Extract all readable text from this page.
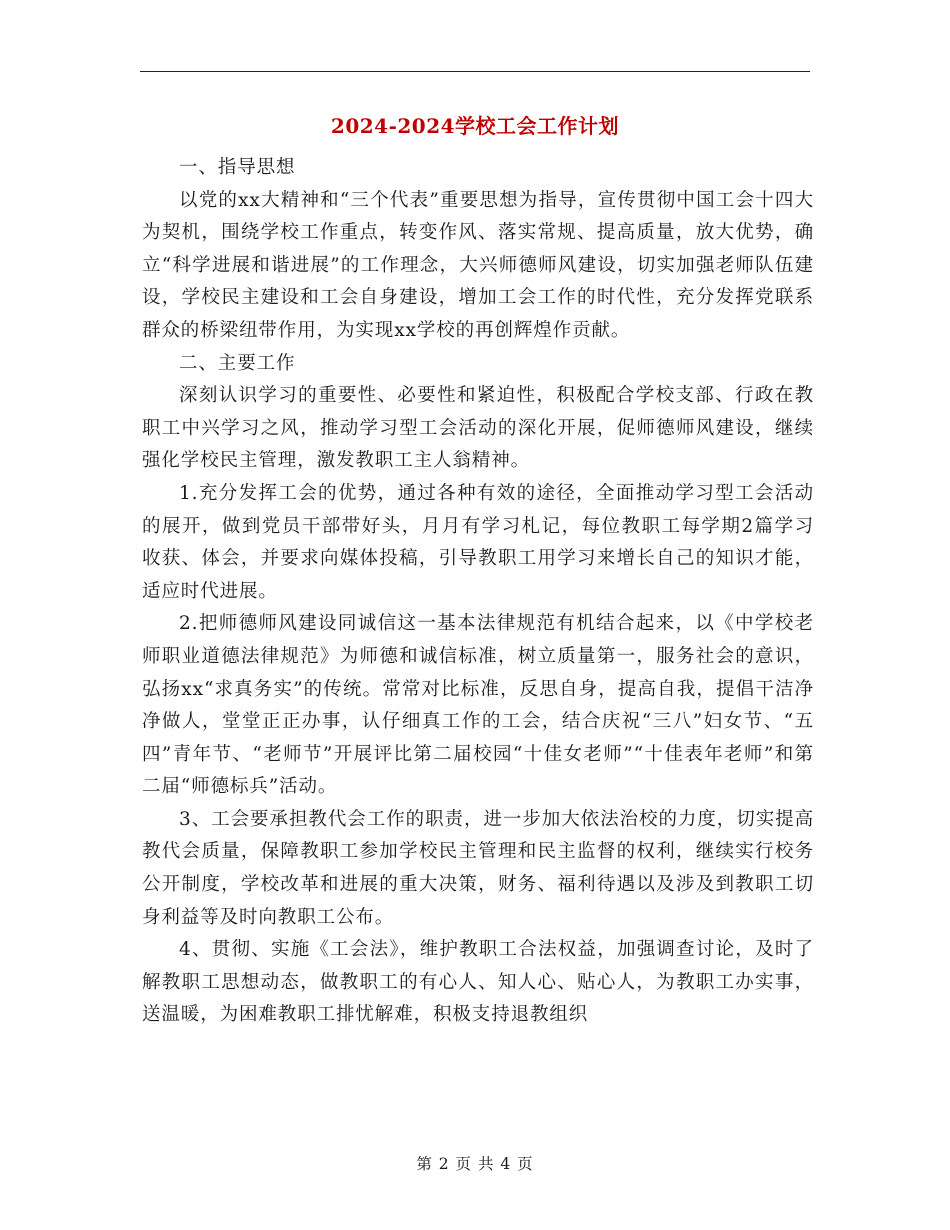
2024-2024学校工会工作计划

一、指导思想

以党的xx大精神和“三个代表”重要思想为指导，宣传贯彻中国工会十四大为契机，围绕学校工作重点，转变作风、落实常规、提高质量，放大优势，确立“科学进展和谐进展”的工作理念，大兴师德师风建设，切实加强老师队伍建设，学校民主建设和工会自身建设，增加工会工作的时代性，充分发挥党联系群众的桥梁纽带作用，为实现xx学校的再创辉煌作贡献。

二、主要工作

深刻认识学习的重要性、必要性和紧迫性，积极配合学校支部、行政在教职工中兴学习之风，推动学习型工会活动的深化开展，促师德师风建设，继续强化学校民主管理，激发教职工主人翁精神。

1.充分发挥工会的优势，通过各种有效的途径，全面推动学习型工会活动的展开，做到党员干部带好头，月月有学习札记，每位教职工每学期2篇学习收获、体会，并要求向媒体投稿，引导教职工用学习来增长自己的知识才能，适应时代进展。

2.把师德师风建设同诚信这一基本法律规范有机结合起来，以《中学校老师职业道德法律规范》为师德和诚信标准，树立质量第一，服务社会的意识，弘扬xx“求真务实”的传统。常常对比标准，反思自身，提高自我，提倡干洁净净做人，堂堂正正办事，认仔细真工作的工会，结合庆祝“三八”妇女节、“五四”青年节、“老师节”开展评比第二届校园“十佳女老师”“十佳表年老师”和第二届“师德标兵”活动。

3、工会要承担教代会工作的职责，进一步加大依法治校的力度，切实提高教代会质量，保障教职工参加学校民主管理和民主监督的权利，继续实行校务公开制度，学校改革和进展的重大决策，财务、福利待遇以及涉及到教职工切身利益等及时向教职工公布。

4、贯彻、实施《工会法》，维护教职工合法权益，加强调查讨论，及时了解教职工思想动态，做教职工的有心人、知人心、贴心人，为教职工办实事，送温暖，为困难教职工排忧解难，积极支持退教组织

第 2 页 共 4 页
